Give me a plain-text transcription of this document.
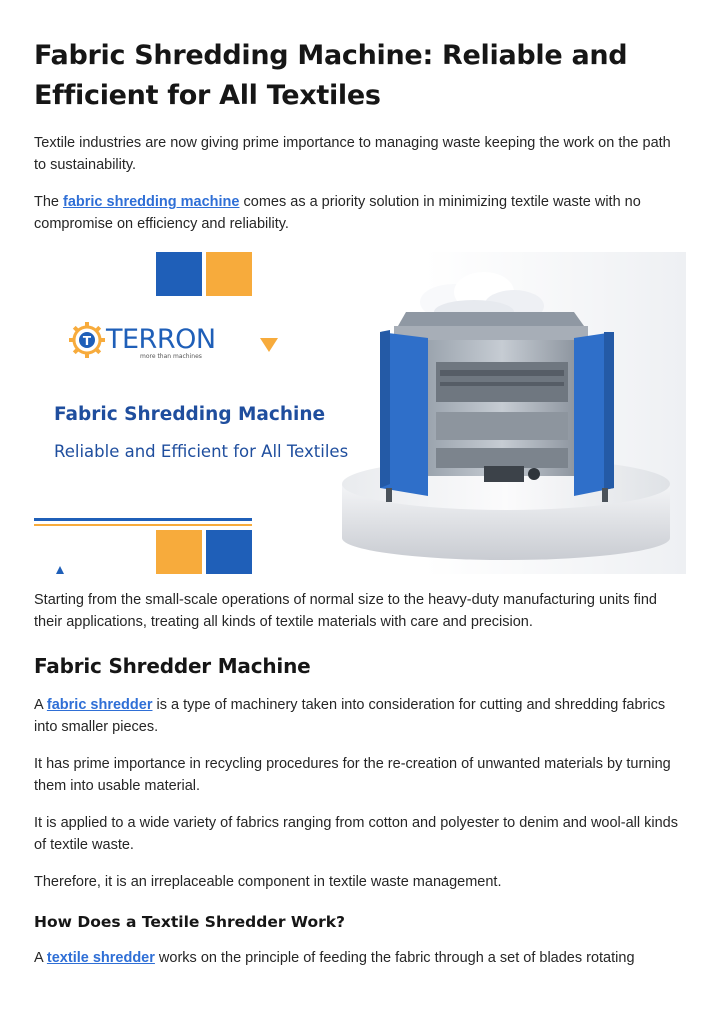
Fabric Shredding Machine: Reliable and
Efficient for All Textiles

Textile industries are now giving prime importance to managing waste keeping the work on the path to sustainability.

The fabric shredding machine comes as a priority solution in minimizing textile waste with no compromise on efficiency and reliability.

T TERRON
more than machines
Fabric Shredding Machine
Reliable and Efficient for All Textiles

Starting from the small-scale operations of normal size to the heavy-duty manufacturing units find their applications, treating all kinds of textile materials with care and precision.

Fabric Shredder Machine

A fabric shredder is a type of machinery taken into consideration for cutting and shredding fabrics into smaller pieces.

It has prime importance in recycling procedures for the re-creation of unwanted materials by turning them into usable material.

It is applied to a wide variety of fabrics ranging from cotton and polyester to denim and wool-all kinds of textile waste.

Therefore, it is an irreplaceable component in textile waste management.

How Does a Textile Shredder Work?

A textile shredder works on the principle of feeding the fabric through a set of blades rotating
